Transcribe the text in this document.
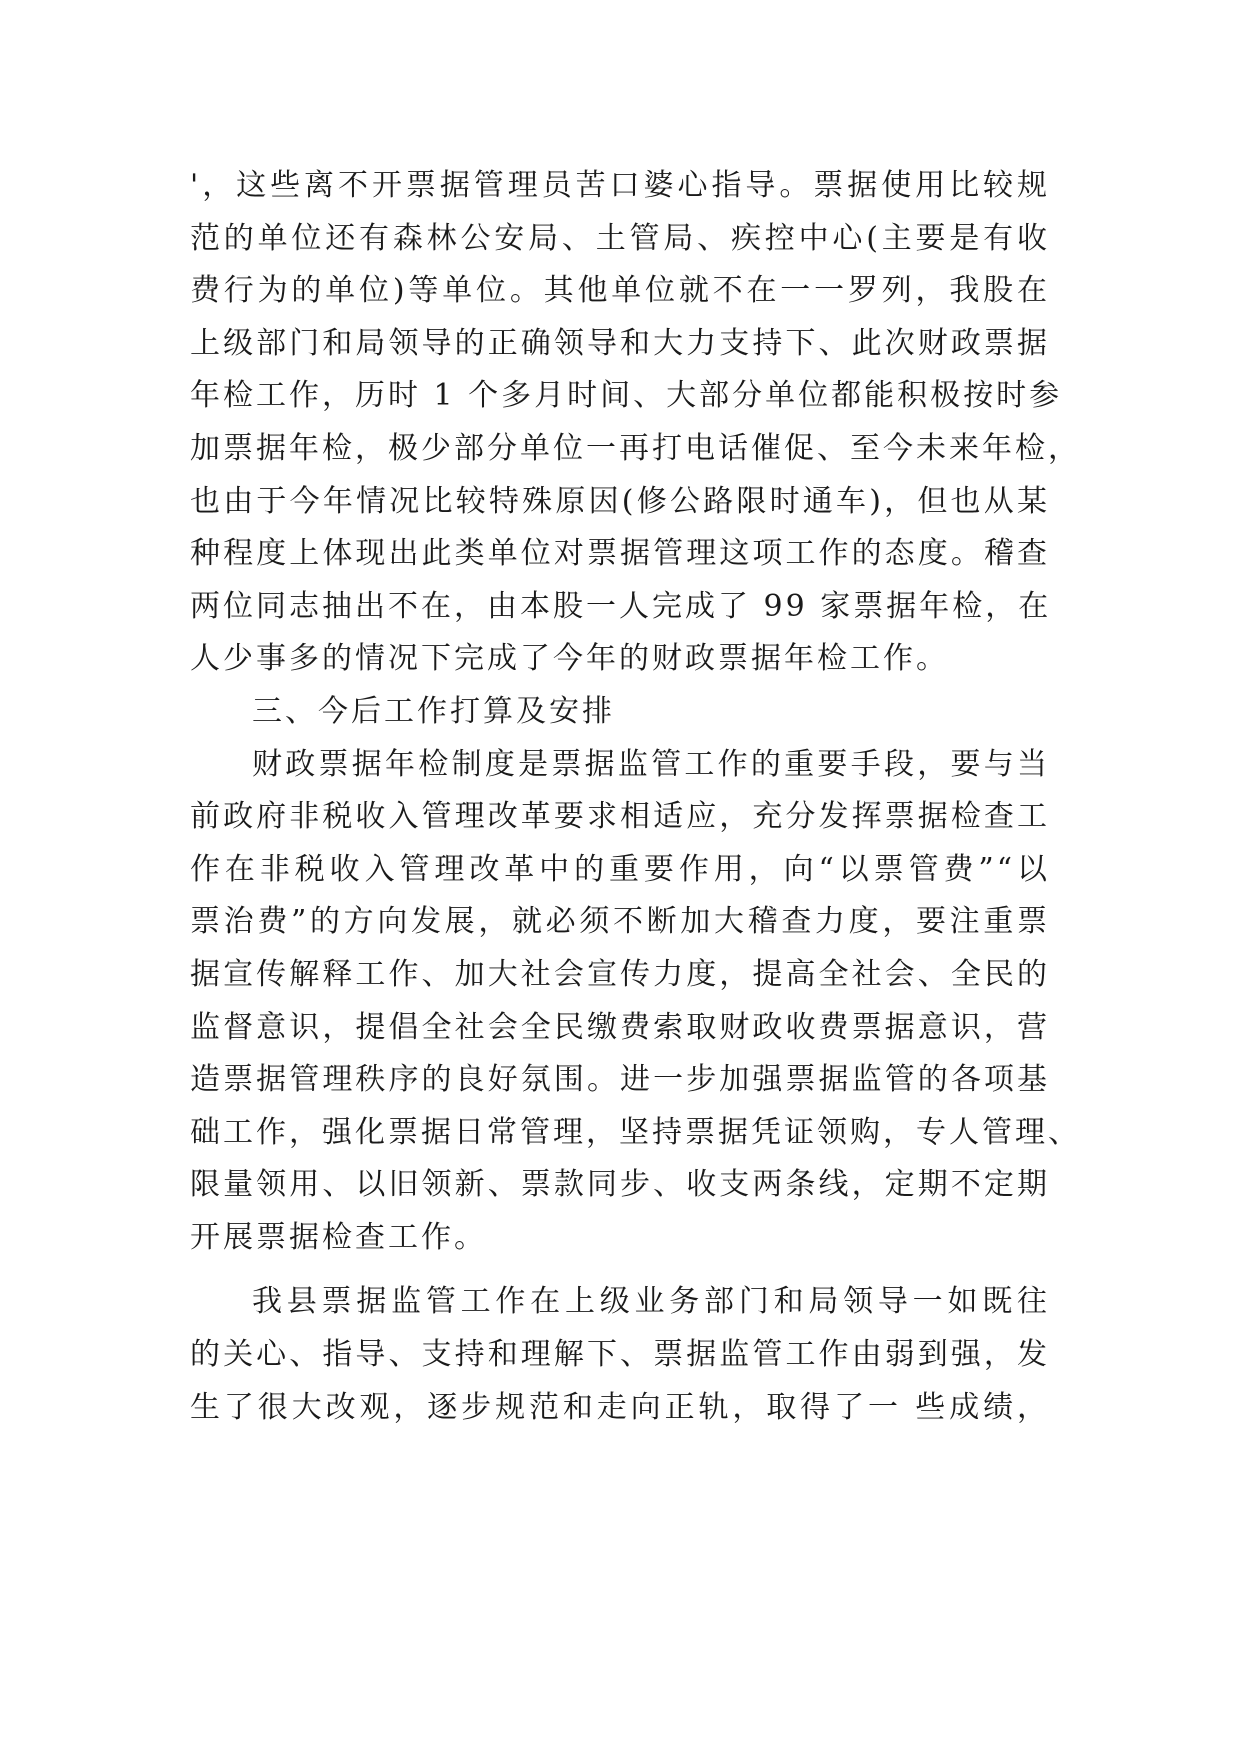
'，这些离不开票据管理员苦口婆心指导。票据使用比较规
范的单位还有森林公安局、土管局、疾控中心(主要是有收
费行为的单位)等单位。其他单位就不在一一罗列，我股在
上级部门和局领导的正确领导和大力支持下、此次财政票据
年检工作，历时 1 个多月时间、大部分单位都能积极按时参
加票据年检，极少部分单位一再打电话催促、至今未来年检，
也由于今年情况比较特殊原因(修公路限时通车)，但也从某
种程度上体现出此类单位对票据管理这项工作的态度。稽查
两位同志抽出不在，由本股一人完成了 99 家票据年检，在
人少事多的情况下完成了今年的财政票据年检工作。
三、今后工作打算及安排
财政票据年检制度是票据监管工作的重要手段，要与当
前政府非税收入管理改革要求相适应，充分发挥票据检查工
作在非税收入管理改革中的重要作用，向“以票管费”“以
票治费”的方向发展，就必须不断加大稽查力度，要注重票
据宣传解释工作、加大社会宣传力度，提高全社会、全民的
监督意识，提倡全社会全民缴费索取财政收费票据意识，营
造票据管理秩序的良好氛围。进一步加强票据监管的各项基
础工作，强化票据日常管理，坚持票据凭证领购，专人管理、
限量领用、以旧领新、票款同步、收支两条线，定期不定期
开展票据检查工作。
我县票据监管工作在上级业务部门和局领导一如既往
的关心、指导、支持和理解下、票据监管工作由弱到强，发
生了很大改观，逐步规范和走向正轨，取得了一 些成绩，
